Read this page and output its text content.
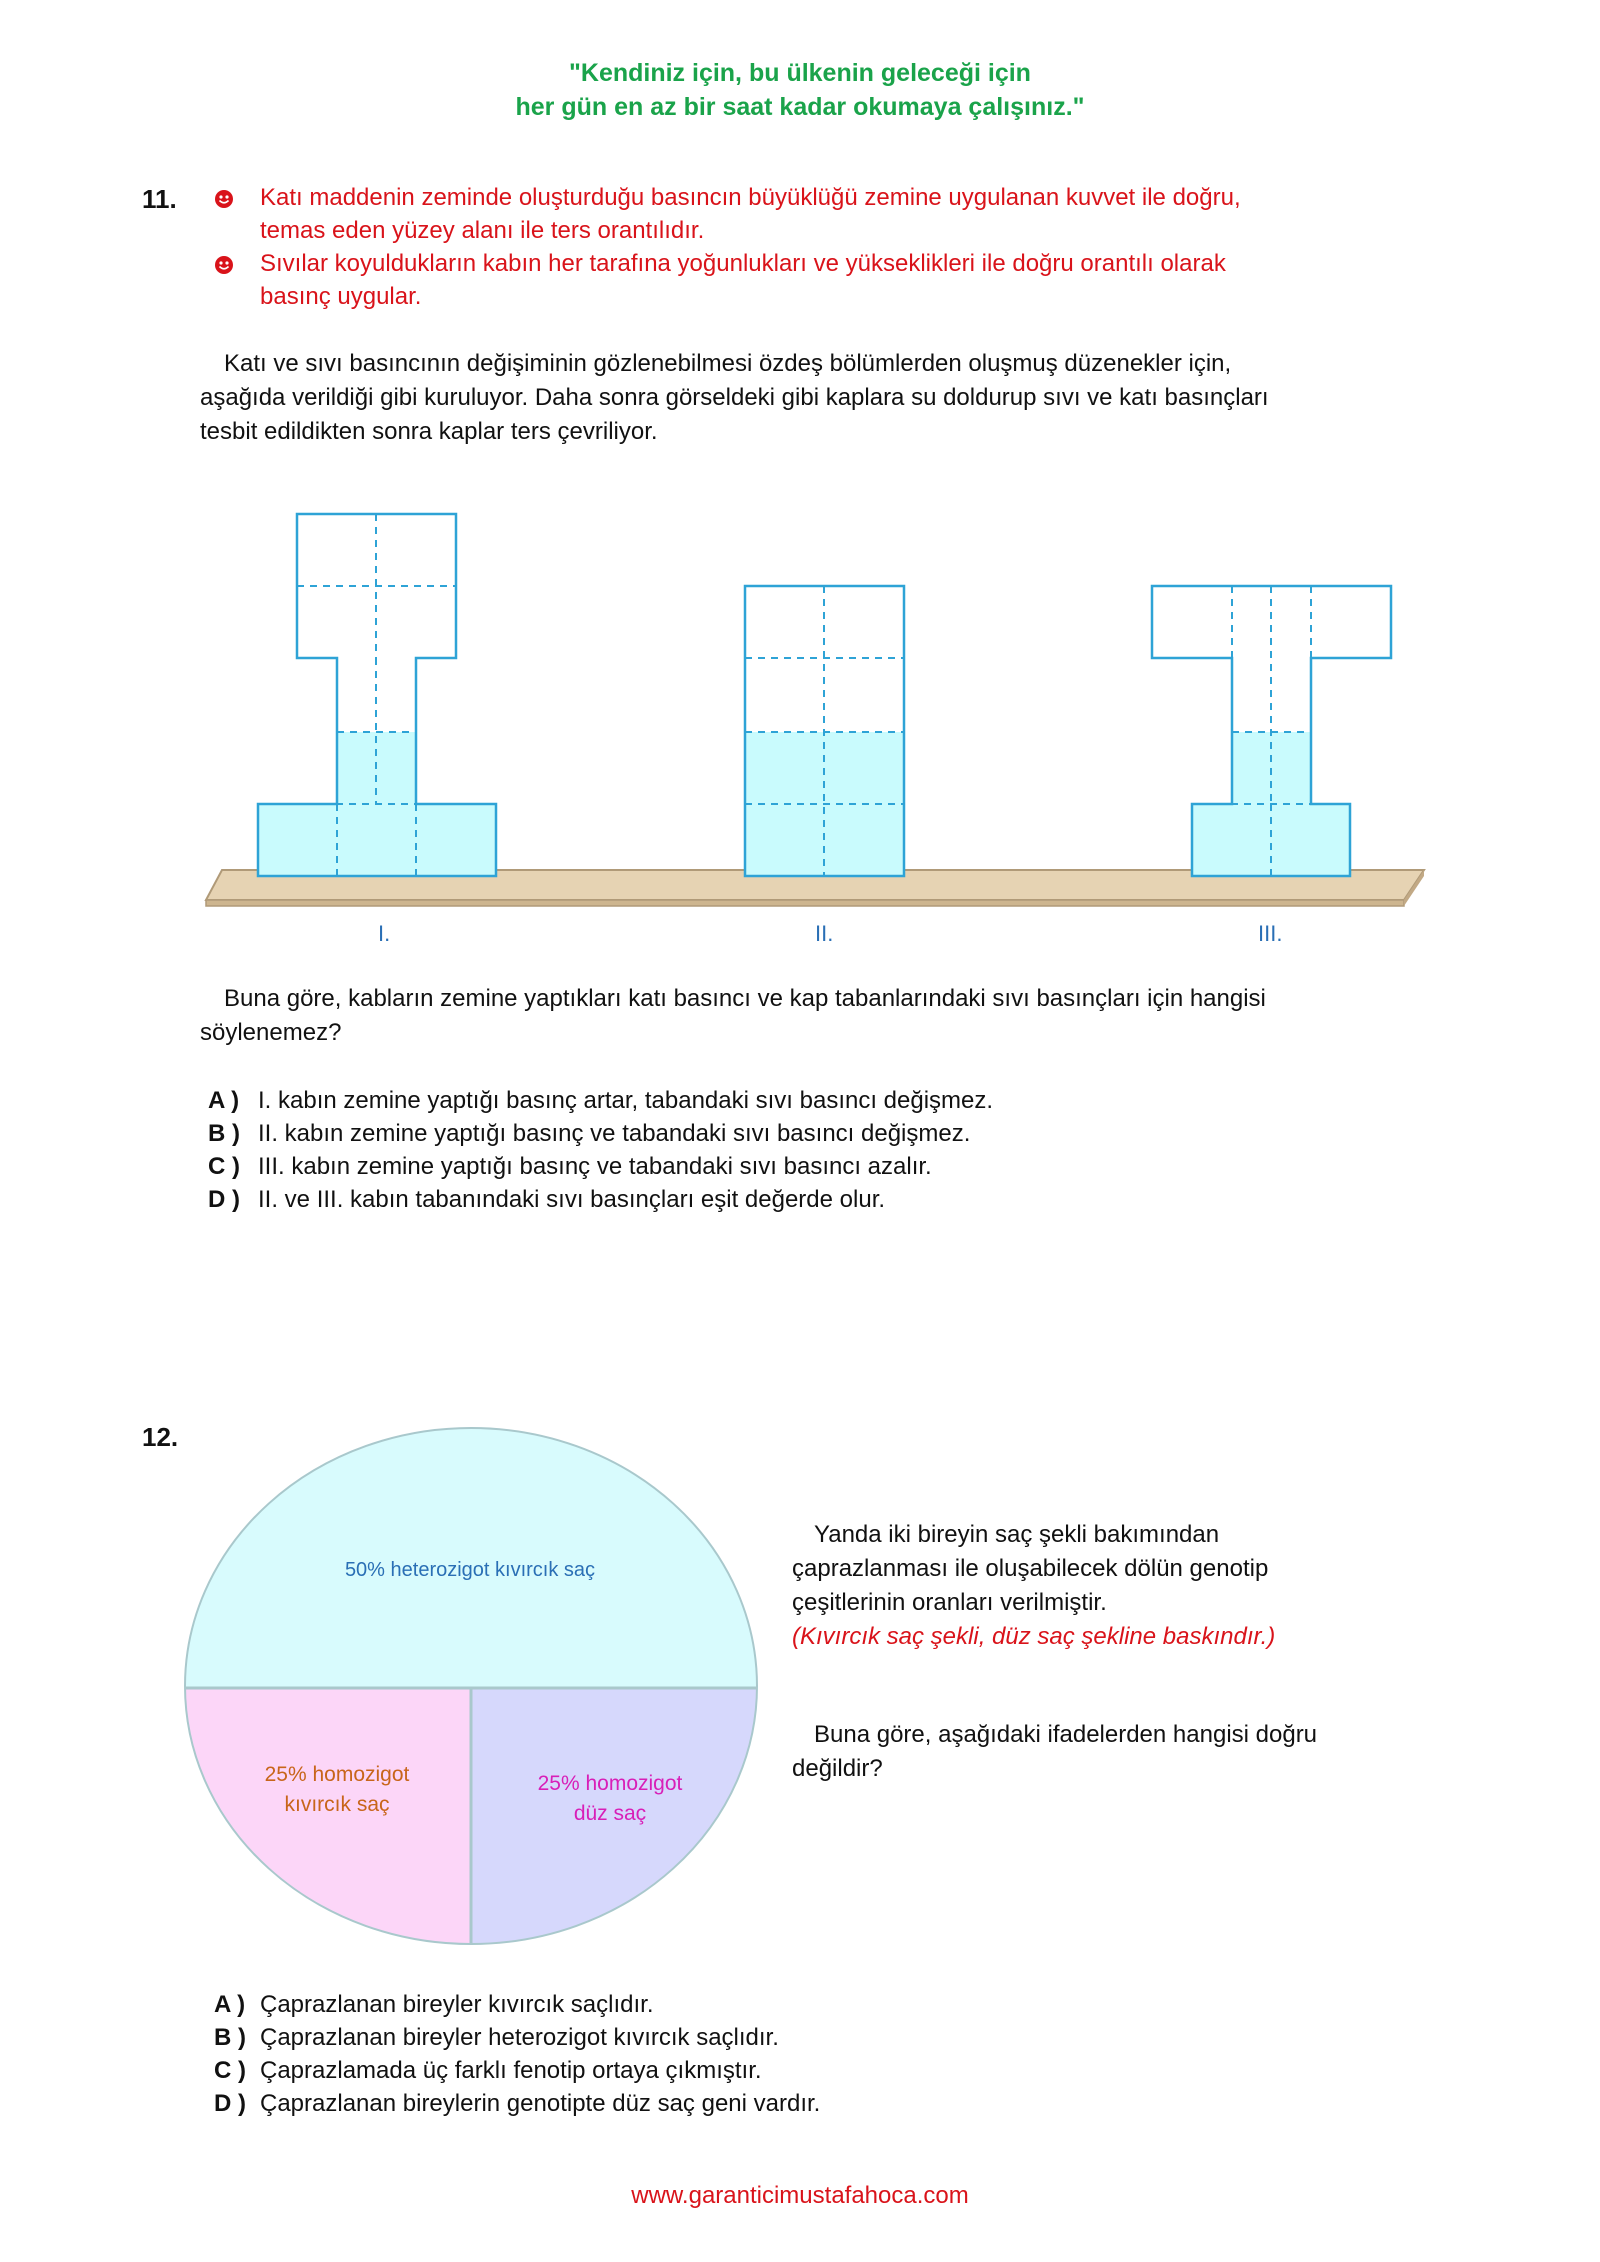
"Kendiniz için, bu ülkenin geleceği için
her gün en az bir saat kadar okumaya çalışınız."
11.	Katı maddenin zeminde oluşturduğu basıncın büyüklüğü zemine uygulanan kuvvet ile doğru,
temas eden yüzey alanı ile ters orantılıdır.
Sıvılar koyuldukların kabın her tarafına yoğunlukları ve yükseklikleri ile doğru orantılı olarak
basınç uygular.
Katı ve sıvı basıncının değişiminin gözlenebilmesi özdeş bölümlerden oluşmuş düzenekler için,
aşağıda verildiği gibi kuruluyor. Daha sonra görseldeki gibi kaplara su doldurup sıvı ve katı basınçları
tesbit edildikten sonra kaplar ters çevriliyor.
I.	II.	III.
Buna göre, kabların zemine yaptıkları katı basıncı ve kap tabanlarındaki sıvı basınçları için hangisi
söylenemez?
A ) I. kabın zemine yaptığı basınç artar, tabandaki sıvı basıncı değişmez.
B ) II. kabın zemine yaptığı basınç ve tabandaki sıvı basıncı değişmez.
C ) III. kabın zemine yaptığı basınç ve tabandaki sıvı basıncı azalır.
D ) II. ve III. kabın tabanındaki sıvı basınçları eşit değerde olur.
12.
50% heterozigot kıvırcık saç
25% homozigot
kıvırcık saç
25% homozigot
düz saç
Yanda iki bireyin saç şekli bakımından
çaprazlanması ile oluşabilecek dölün genotip
çeşitlerinin oranları verilmiştir.
(Kıvırcık saç şekli, düz saç şekline baskındır.)
Buna göre, aşağıdaki ifadelerden hangisi doğru
değildir?
A ) Çaprazlanan bireyler kıvırcık saçlıdır.
B ) Çaprazlanan bireyler heterozigot kıvırcık saçlıdır.
C ) Çaprazlamada üç farklı fenotip ortaya çıkmıştır.
D ) Çaprazlanan bireylerin genotipte düz saç geni vardır.
www.garanticimustafahoca.com
